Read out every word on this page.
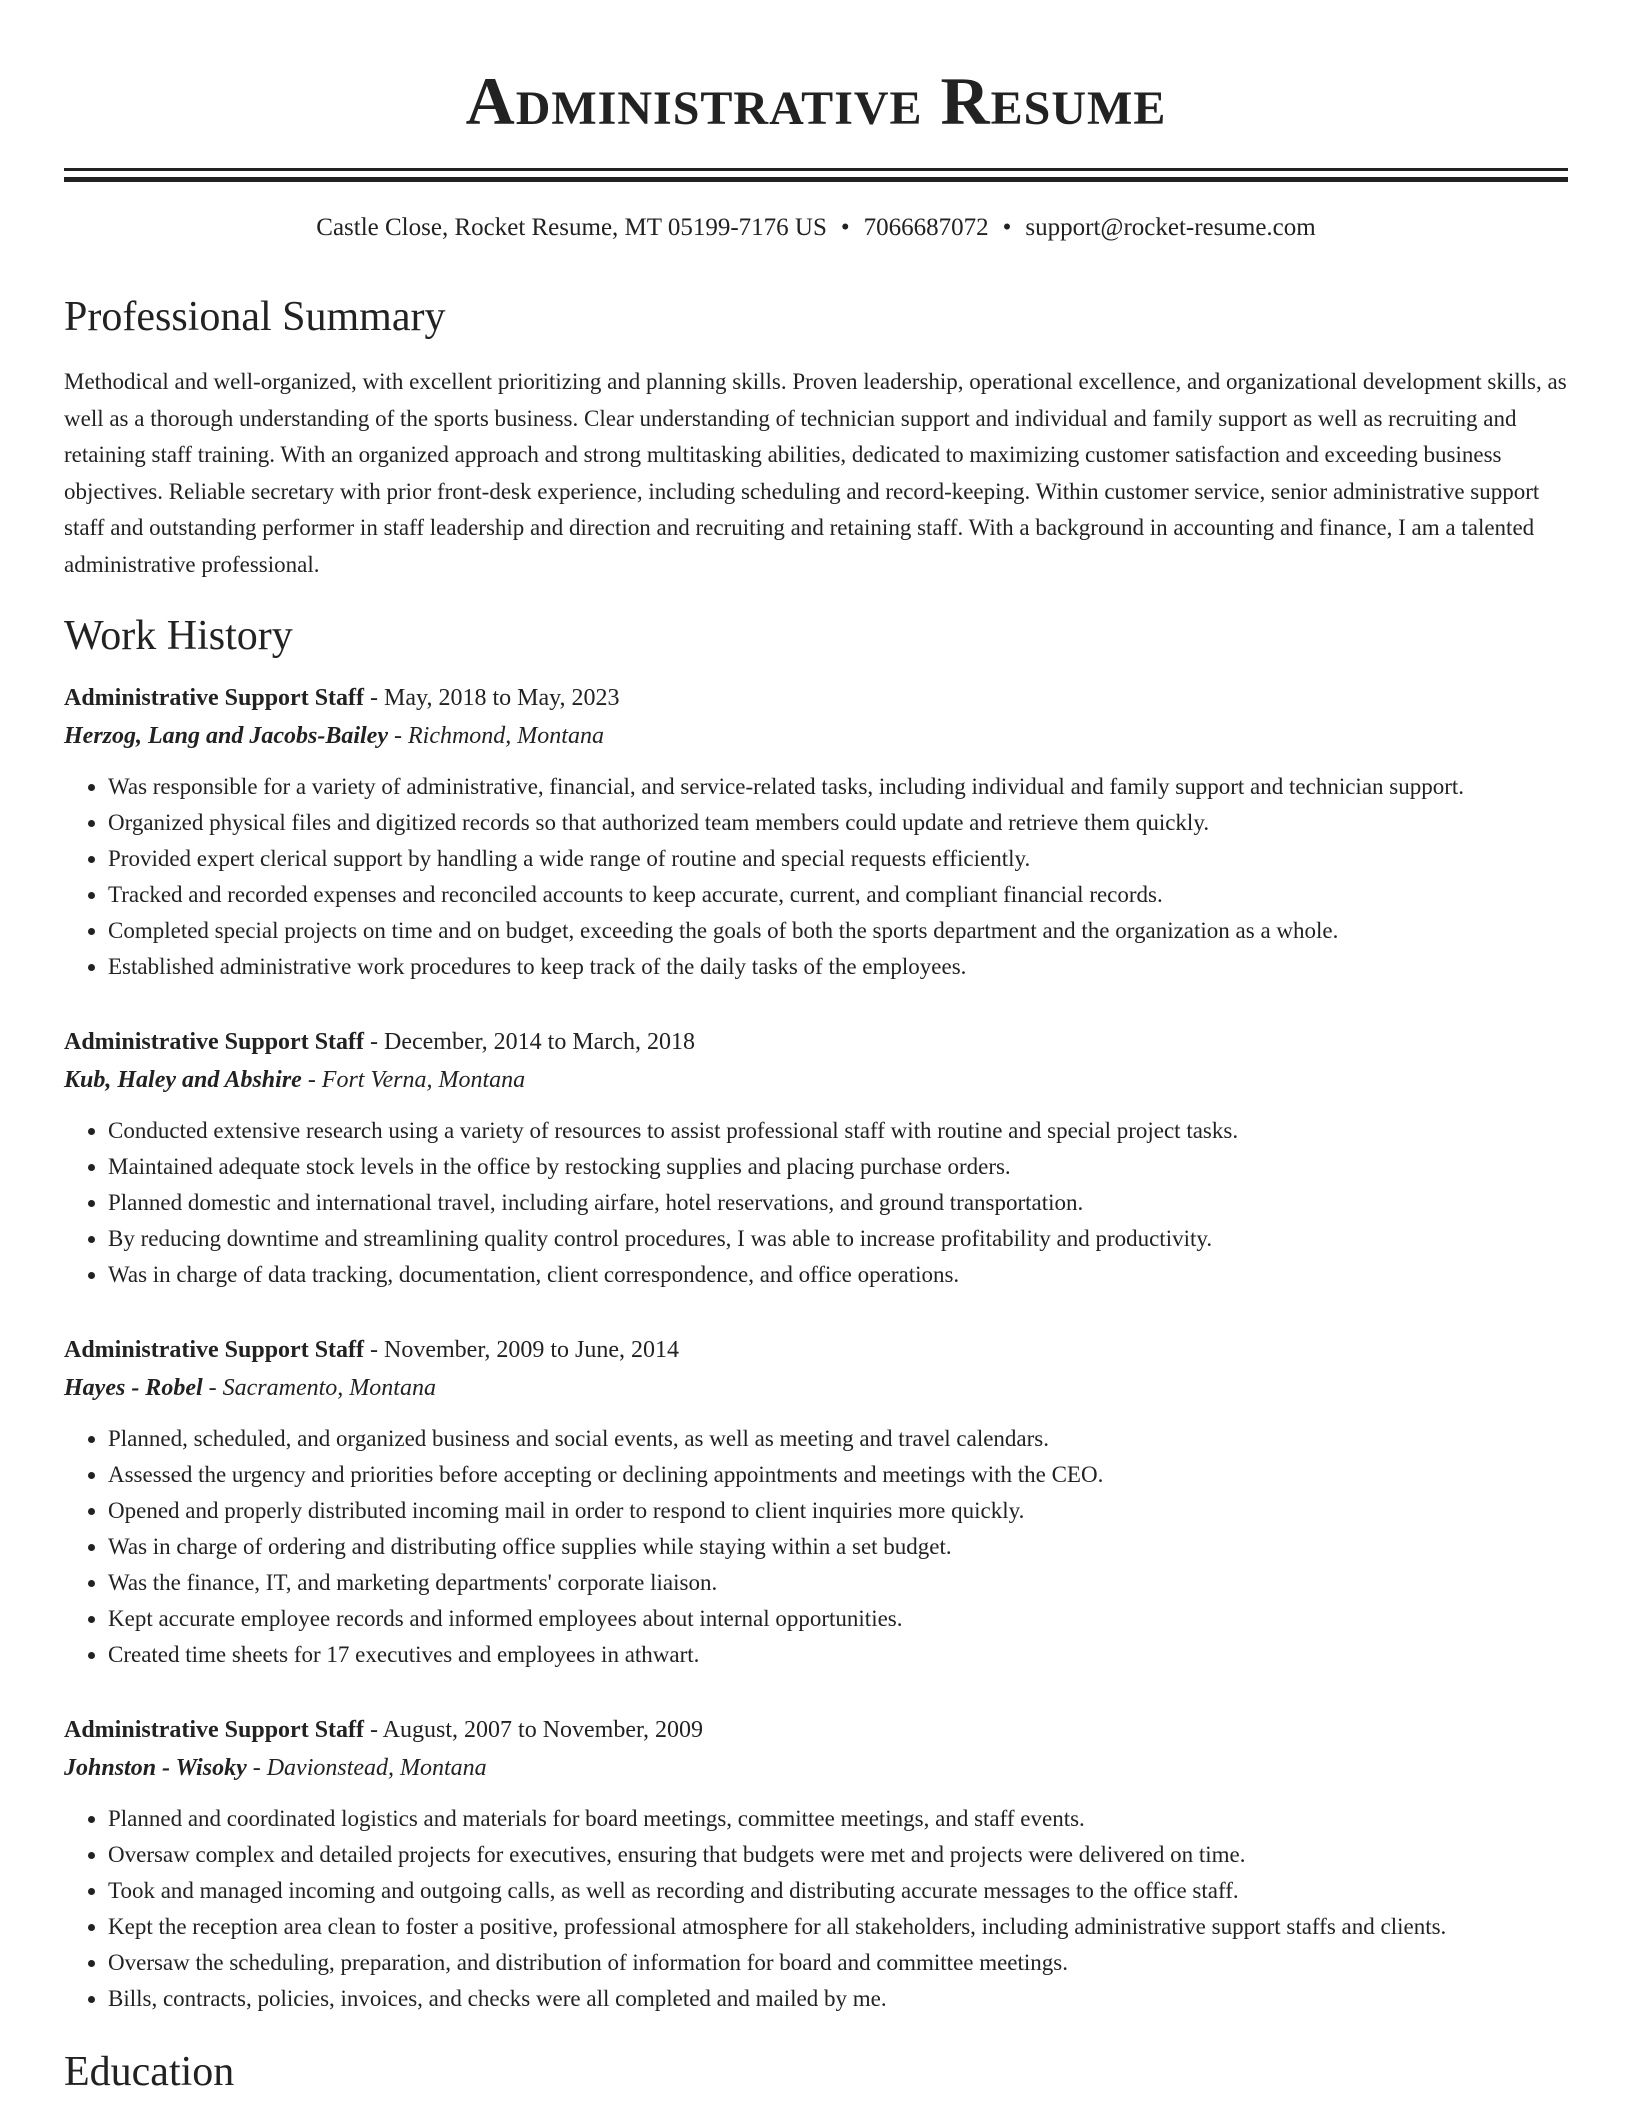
Administrative Resume
Castle Close, Rocket Resume, MT 05199-7176 US • 7066687072 • support@rocket-resume.com
Professional Summary

Methodical and well-organized, with excellent prioritizing and planning skills. Proven leadership, operational excellence, and organizational development skills, as well as a thorough understanding of the sports business. Clear understanding of technician support and individual and family support as well as recruiting and retaining staff training. With an organized approach and strong multitasking abilities, dedicated to maximizing customer satisfaction and exceeding business objectives. Reliable secretary with prior front-desk experience, including scheduling and record-keeping. Within customer service, senior administrative support staff and outstanding performer in staff leadership and direction and recruiting and retaining staff. With a background in accounting and finance, I am a talented administrative professional.

Work History
Administrative Support Staff - May, 2018 to May, 2023
Herzog, Lang and Jacobs-Bailey - Richmond, Montana
• Was responsible for a variety of administrative, financial, and service-related tasks, including individual and family support and technician support.
• Organized physical files and digitized records so that authorized team members could update and retrieve them quickly.
• Provided expert clerical support by handling a wide range of routine and special requests efficiently.
• Tracked and recorded expenses and reconciled accounts to keep accurate, current, and compliant financial records.
• Completed special projects on time and on budget, exceeding the goals of both the sports department and the organization as a whole.
• Established administrative work procedures to keep track of the daily tasks of the employees.
Administrative Support Staff - December, 2014 to March, 2018
Kub, Haley and Abshire - Fort Verna, Montana
• Conducted extensive research using a variety of resources to assist professional staff with routine and special project tasks.
• Maintained adequate stock levels in the office by restocking supplies and placing purchase orders.
• Planned domestic and international travel, including airfare, hotel reservations, and ground transportation.
• By reducing downtime and streamlining quality control procedures, I was able to increase profitability and productivity.
• Was in charge of data tracking, documentation, client correspondence, and office operations.
Administrative Support Staff - November, 2009 to June, 2014
Hayes - Robel - Sacramento, Montana
• Planned, scheduled, and organized business and social events, as well as meeting and travel calendars.
• Assessed the urgency and priorities before accepting or declining appointments and meetings with the CEO.
• Opened and properly distributed incoming mail in order to respond to client inquiries more quickly.
• Was in charge of ordering and distributing office supplies while staying within a set budget.
• Was the finance, IT, and marketing departments' corporate liaison.
• Kept accurate employee records and informed employees about internal opportunities.
• Created time sheets for 17 executives and employees in athwart.
Administrative Support Staff - August, 2007 to November, 2009
Johnston - Wisoky - Davionstead, Montana
• Planned and coordinated logistics and materials for board meetings, committee meetings, and staff events.
• Oversaw complex and detailed projects for executives, ensuring that budgets were met and projects were delivered on time.
• Took and managed incoming and outgoing calls, as well as recording and distributing accurate messages to the office staff.
• Kept the reception area clean to foster a positive, professional atmosphere for all stakeholders, including administrative support staffs and clients.
• Oversaw the scheduling, preparation, and distribution of information for board and committee meetings.
• Bills, contracts, policies, invoices, and checks were all completed and mailed by me.
Education
